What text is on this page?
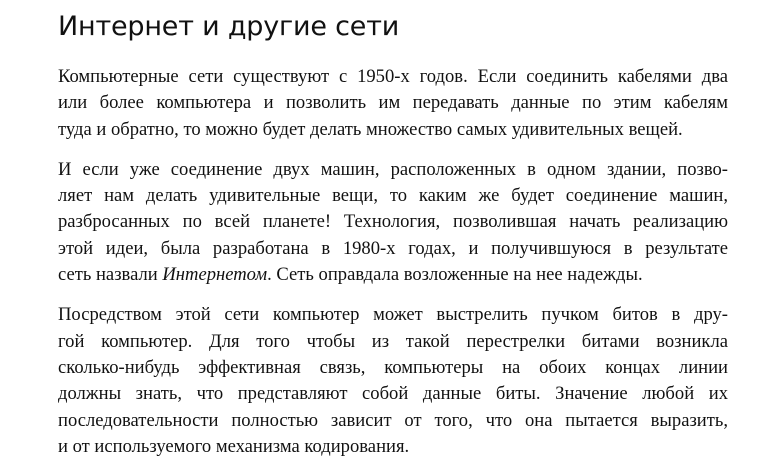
Интернет и другие сети

Компьютерные сети существуют с 1950-х годов. Если соединить кабелями два
или более компьютера и позволить им передавать данные по этим кабелям
туда и обратно, то можно будет делать множество самых удивительных вещей.

И если уже соединение двух машин, расположенных в одном здании, позво-
ляет нам делать удивительные вещи, то каким же будет соединение машин,
разбросанных по всей планете! Технология, позволившая начать реализацию
этой идеи, была разработана в 1980-х годах, и получившуюся в результате
сеть назвали Интернетом. Сеть оправдала возложенные на нее надежды.

Посредством этой сети компьютер может выстрелить пучком битов в дру-
гой компьютер. Для того чтобы из такой перестрелки битами возникла
сколько-нибудь эффективная связь, компьютеры на обоих концах линии
должны знать, что представляют собой данные биты. Значение любой их
последовательности полностью зависит от того, что она пытается выразить,
и от используемого механизма кодирования.
